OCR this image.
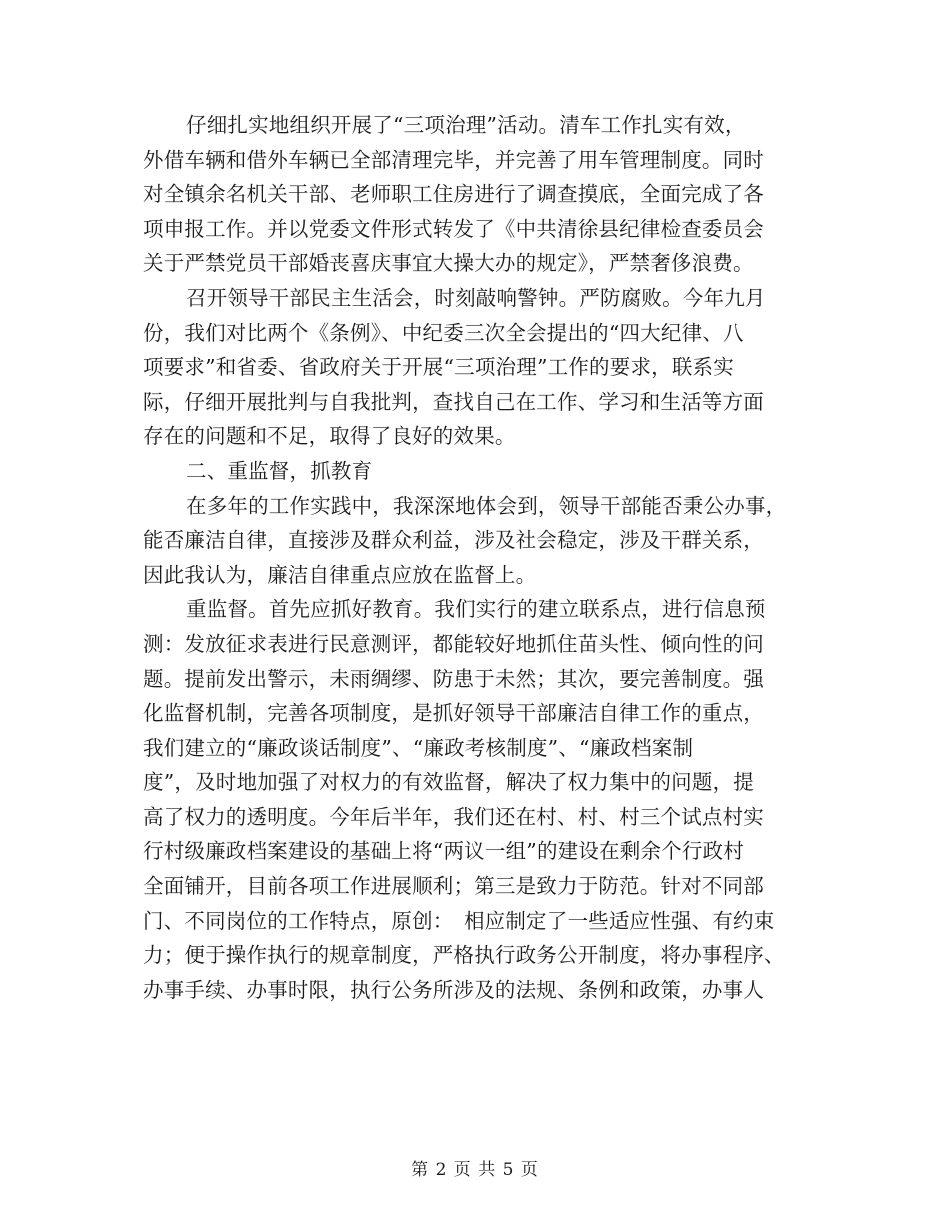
仔细扎实地组织开展了“三项治理”活动。清车工作扎实有效，
外借车辆和借外车辆已全部清理完毕，并完善了用车管理制度。同时
对全镇余名机关干部、老师职工住房进行了调查摸底，全面完成了各
项申报工作。并以党委文件形式转发了《中共清徐县纪律检查委员会
关于严禁党员干部婚丧喜庆事宜大操大办的规定》，严禁奢侈浪费。
召开领导干部民主生活会，时刻敲响警钟。严防腐败。今年九月
份，我们对比两个《条例》、中纪委三次全会提出的“四大纪律、八
项要求”和省委、省政府关于开展“三项治理”工作的要求，联系实
际，仔细开展批判与自我批判，查找自己在工作、学习和生活等方面
存在的问题和不足，取得了良好的效果。
二、重监督，抓教育
在多年的工作实践中，我深深地体会到，领导干部能否秉公办事，
能否廉洁自律，直接涉及群众利益，涉及社会稳定，涉及干群关系，
因此我认为，廉洁自律重点应放在监督上。
重监督。首先应抓好教育。我们实行的建立联系点，进行信息预
测：发放征求表进行民意测评，都能较好地抓住苗头性、倾向性的问
题。提前发出警示，未雨绸缪、防患于未然；其次，要完善制度。强
化监督机制，完善各项制度，是抓好领导干部廉洁自律工作的重点，
我们建立的“廉政谈话制度”、“廉政考核制度”、“廉政档案制
度”，及时地加强了对权力的有效监督，解决了权力集中的问题，提
高了权力的透明度。今年后半年，我们还在村、村、村三个试点村实
行村级廉政档案建设的基础上将“两议一组”的建设在剩余个行政村
全面铺开，目前各项工作进展顺利；第三是致力于防范。针对不同部
门、不同岗位的工作特点，原创：　相应制定了一些适应性强、有约束
力；便于操作执行的规章制度，严格执行政务公开制度，将办事程序、
办事手续、办事时限，执行公务所涉及的法规、条例和政策，办事人
第 2 页 共 5 页
